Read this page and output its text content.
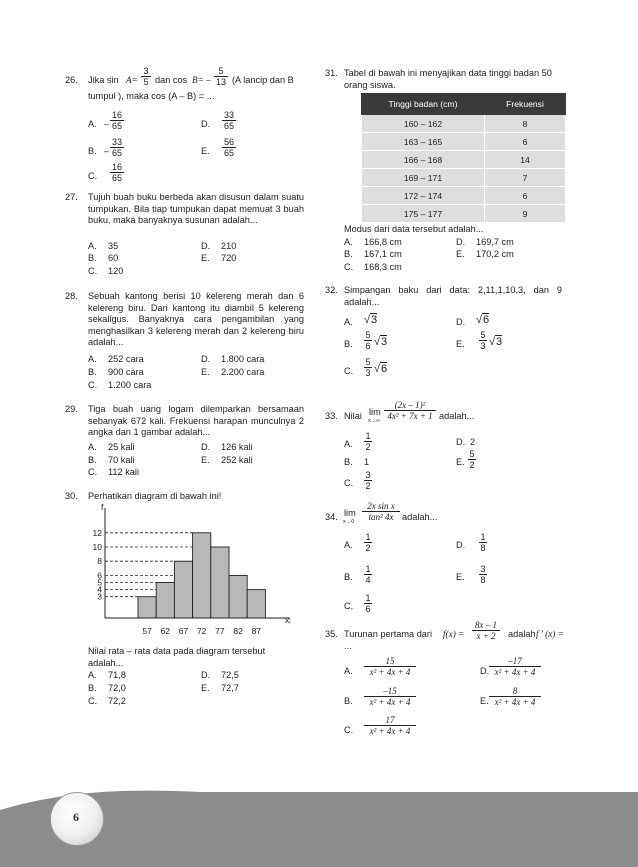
26. Jika $\sin A= \frac{3}{5}$ dan $\cos B= - \frac{5}{13} (A$ lancip dan B
tumpul ), maka cos (A – B) = ...
A. – $\frac{16}{65}$
B. – $\frac{33}{65}$
C. $\frac{16}{65}$
D. $\frac{33}{65}$
E. $\frac{56}{65}$
27. Tujuh buah buku berbeda akan disusun dalam suatu tumpukan. Bila tiap tumpukan dapat memuat 3 buah buku, maka banyaknya susunan adalah...
A. 35
B. 60
C. 120
D. 210
E. 720
28. Sebuah kantong berisi 10 kelereng merah dan 6 kelereng biru. Dari kantong itu diambil 5 kelereng sekaligus. Banyaknya cara pengambilan yang menghasilkan 3 kelereng merah dan 2 kelereng biru adalah...
A. 252 cara
B. 900 cara
C. 1.200 cara
D. 1.800 cara
E. 2.200 cara
29. Tiga buah uang logam dilemparkan bersamaan sebanyak 672 kali. Frekuensi harapan munculnya 2 angka dan 1 gambar adalah...
A. 25 kali
B. 70 kali
C. 112 kali
D. 126 kali
E. 252 kali
30. Perhatikan diagram di bawah ini!
3
4
5
6
8
10
12
57 62 67 72 77 82 87
f
xᵢ
Nilai rata – rata data pada diagram tersebut adalah...
A. 71,8
B. 72,0
C. 72,2
D. 72,5
E. 72,7
31. Tabel di bawah ini menyajikan data tinggi badan 50 orang siswa.
Tinggi badan (cm)	Frekuensi
160 – 162	8
163 – 165	6
166 – 168	14
169 – 171	7
172 – 174	6
175 – 177	9
Modus dari data tersebut adalah...
A. 166,8 cm
B. 167,1 cm
C. 168,3 cm
D. 169,7 cm
E. 170,2 cm
32. Simpangan baku dari data: 2,11,1,10,3, dan 9 adalah...
A. √3
B. $\frac{5}{6} √3$
C. $\frac{5}{3} √6$
D. √6
E. $\frac{5}{3} √3$
33. Nilai lim
$x\to\infty \frac{\text{(2x – 1)²}}{\text{4x² + 7x + 1}}$ adalah...
A. $\frac{1}{2}$
B. 1
C. $\frac{3}{2}$
D. 2
E. $\frac{5}{2}$
34. lim
$x\to 0 \frac{\text{2x sin x}}{\text{tan² 4x}}$ adalah...
A. $\frac{1}{2}$
B. $\frac{1}{4}$
C. $\frac{1}{6}$
D. $\frac{1}{8}$
E. $\frac{3}{8}$
35. Turunan pertama dari $f(x) = \frac{8x - 1}{x + 2}$ adalah f ′ (x) =
...
A. $\frac{15}{\text{x² + 4x + 4}}$
B. $\frac{-15}{\text{x² + 4x + 4}}$
C. $\frac{17}{\text{x² + 4x + 4}}$
D. $\frac{-17}{\text{x² + 4x + 4}}$
E. $\frac{8}{\text{x² + 4x + 4}}$
6
